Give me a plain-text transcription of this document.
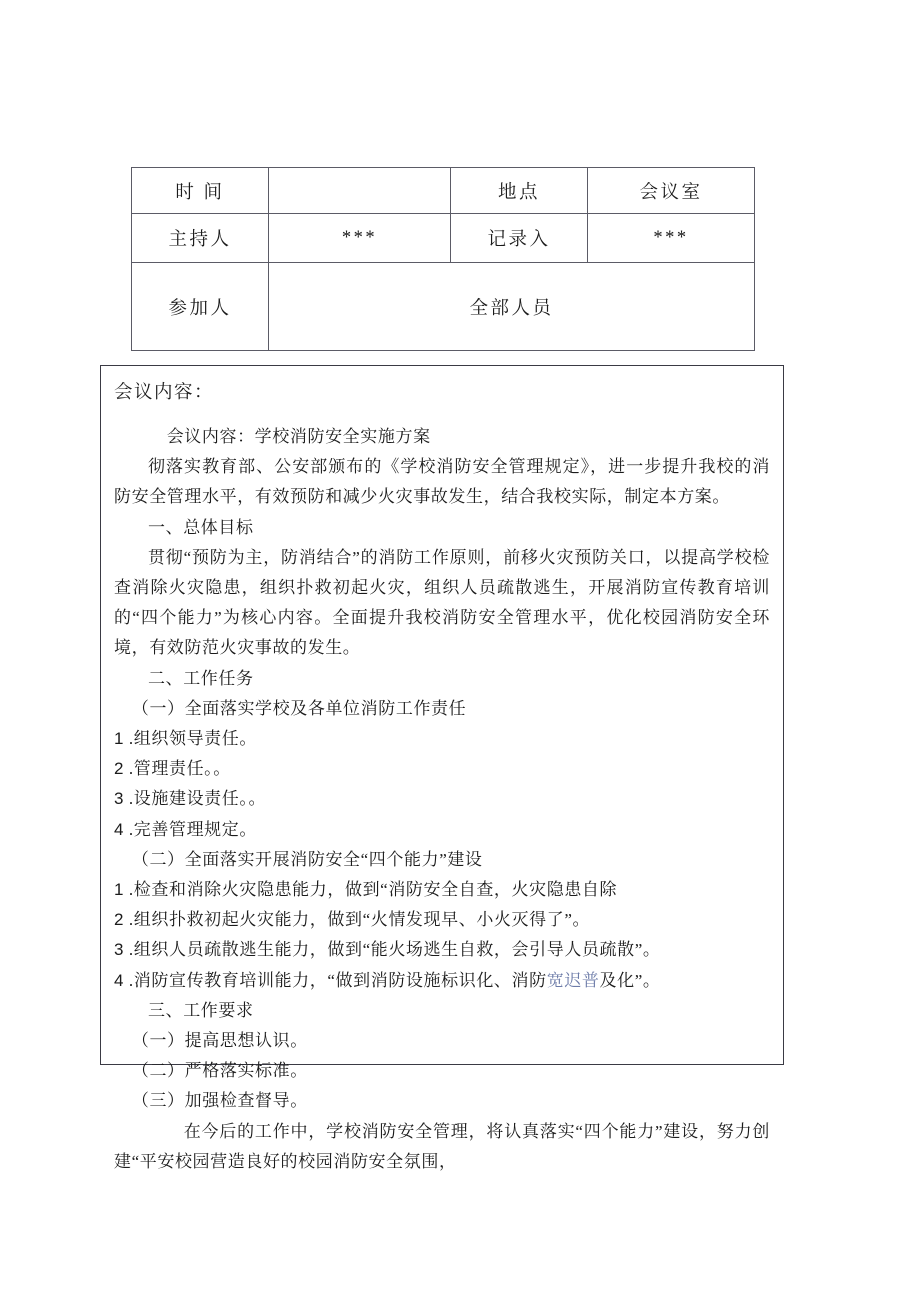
时 间		地点	会议室
主持人	***	记录入	***
参加人	全部人员		
会议内容：

会议内容：学校消防安全实施方案

彻落实教育部、公安部颁布的《学校消防安全管理规定》，进一步提升我校的消防安全管理水平，有效预防和减少火灾事故发生，结合我校实际，制定本方案。

一、总体目标

贯彻“预防为主，防消结合”的消防工作原则，前移火灾预防关口，以提高学校检查消除火灾隐患，组织扑救初起火灾，组织人员疏散逃生，开展消防宣传教育培训的“四个能力”为核心内容。全面提升我校消防安全管理水平，优化校园消防安全环境，有效防范火灾事故的发生。

二、工作任务

（一）全面落实学校及各单位消防工作责任

1 .组织领导责任。

2 .管理责任。。

3 .设施建设责任。。

4 .完善管理规定。

（二）全面落实开展消防安全“四个能力”建设

1 .检查和消除火灾隐患能力，做到“消防安全自查，火灾隐患自除

2 .组织扑救初起火灾能力，做到“火情发现早、小火灭得了”。

3 .组织人员疏散逃生能力，做到“能火场逃生自救，会引导人员疏散”。

4 .消防宣传教育培训能力，“做到消防设施标识化、消防宽迟普及化”。

三、工作要求

（一）提高思想认识。

（二）严格落实标准。

（三）加强检查督导。

在今后的工作中，学校消防安全管理，将认真落实“四个能力”建设，努力创建“平安校园营造良好的校园消防安全氛围，
